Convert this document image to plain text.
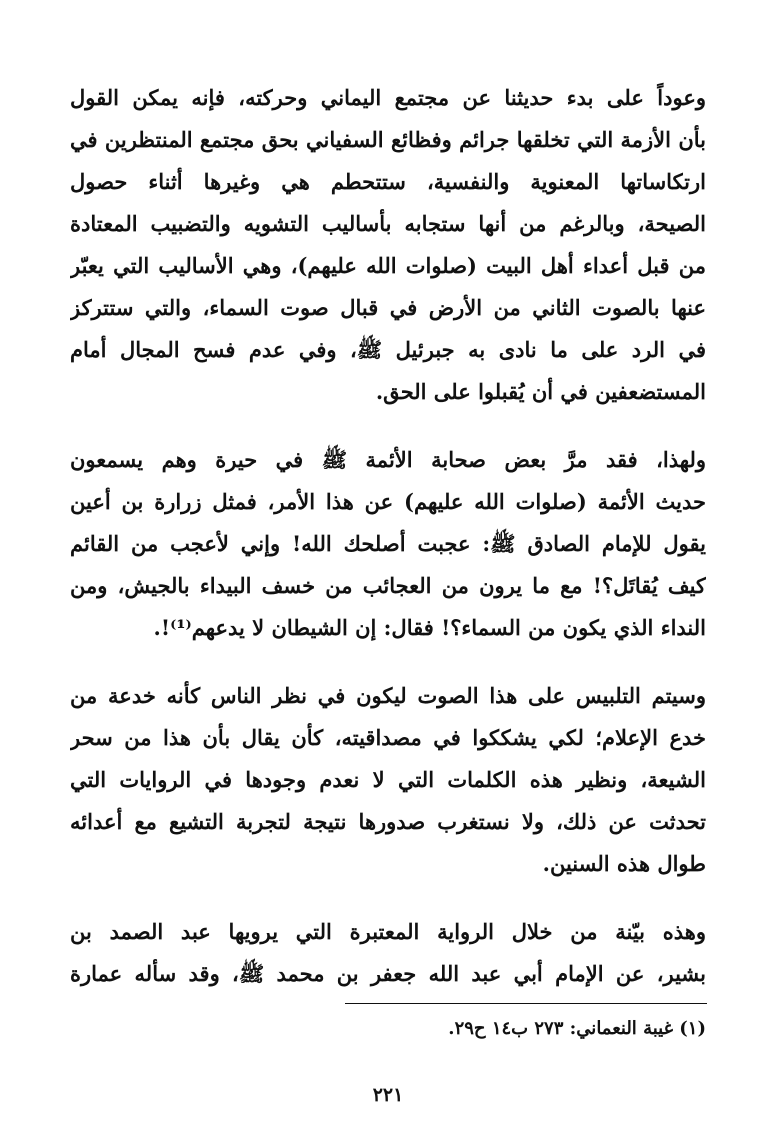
وعوداً على بدء حديثنا عن مجتمع اليماني وحركته، فإنه يمكن القول
بأن الأزمة التي تخلقها جرائم وفظائع السفياني بحق مجتمع المنتظرين في
ارتكاساتها المعنوية والنفسية، ستتحطم هي وغيرها أثناء حصول
الصيحة، وبالرغم من أنها ستجابه بأساليب التشويه والتضبيب المعتادة
من قبل أعداء أهل البيت (صلوات الله عليهم)، وهي الأساليب التي يعبّر
عنها بالصوت الثاني من الأرض في قبال صوت السماء، والتي ستتركز
في الرد على ما نادى به جبرئيل ﷺ، وفي عدم فسح المجال أمام
المستضعفين في أن يُقبلوا على الحق.
ولهذا، فقد مرَّ بعض صحابة الأئمة ﷺ في حيرة وهم يسمعون
حديث الأئمة (صلوات الله عليهم) عن هذا الأمر، فمثل زرارة بن أعين
يقول للإمام الصادق ﷺ: عجبت أصلحك الله! وإني لأعجب من القائم
كيف يُقاتَل؟! مع ما يرون من العجائب من خسف البيداء بالجيش، ومن
النداء الذي يكون من السماء؟! فقال: إن الشيطان لا يدعهم⁽¹⁾!.
وسيتم التلبيس على هذا الصوت ليكون في نظر الناس كأنه خدعة من
خدع الإعلام؛ لكي يشككوا في مصداقيته، كأن يقال بأن هذا من سحر
الشيعة، ونظير هذه الكلمات التي لا نعدم وجودها في الروايات التي
تحدثت عن ذلك، ولا نستغرب صدورها نتيجة لتجربة التشيع مع أعدائه
طوال هذه السنين.
وهذه بيّنة من خلال الرواية المعتبرة التي يرويها عبد الصمد بن
بشير، عن الإمام أبي عبد الله جعفر بن محمد ﷺ، وقد سأله عمارة
(١) غيبة النعماني: ٢٧٣ ب١٤ ح٢٩.
٢٢١
